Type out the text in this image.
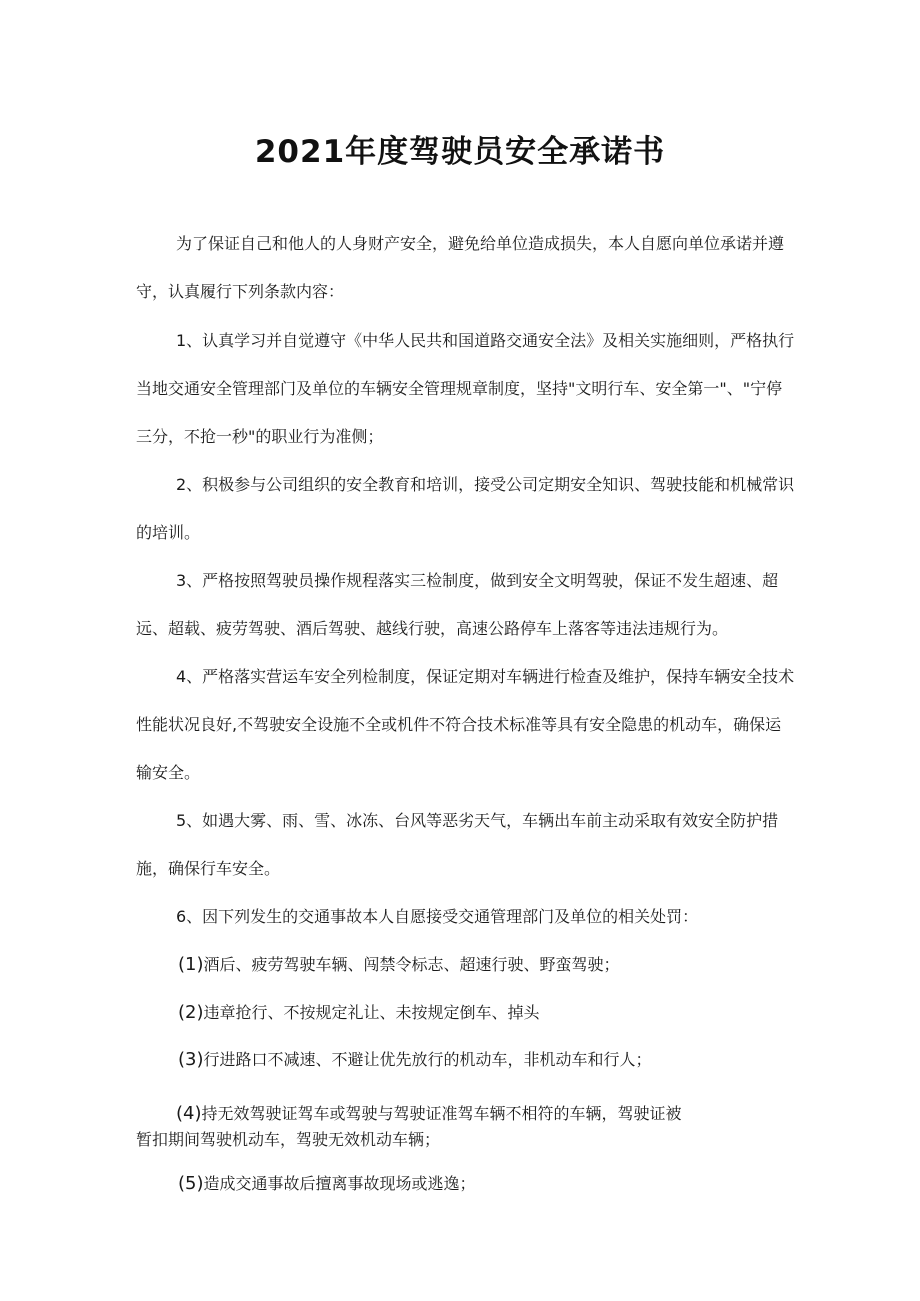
2021年度驾驶员安全承诺书

为了保证自己和他人的人身财产安全，避免给单位造成损失，本人自愿向单位承诺并遵守，认真履行下列条款内容：

1、认真学习并自觉遵守《中华人民共和国道路交通安全法》及相关实施细则，严格执行当地交通安全管理部门及单位的车辆安全管理规章制度，坚持"文明行车、安全第一"、"宁停三分，不抢一秒"的职业行为准侧；

2、积极参与公司组织的安全教育和培训，接受公司定期安全知识、驾驶技能和机械常识的培训。

3、严格按照驾驶员操作规程落实三检制度，做到安全文明驾驶，保证不发生超速、超远、超载、疲劳驾驶、酒后驾驶、越线行驶，高速公路停车上落客等违法违规行为。

4、严格落实营运车安全列检制度，保证定期对车辆进行检查及维护，保持车辆安全技术性能状况良好,不驾驶安全设施不全或机件不符合技术标准等具有安全隐患的机动车，确保运输安全。

5、如遇大雾、雨、雪、冰冻、台风等恶劣天气，车辆出车前主动采取有效安全防护措施，确保行车安全。

6、因下列发生的交通事故本人自愿接受交通管理部门及单位的相关处罚：

(1)酒后、疲劳驾驶车辆、闯禁令标志、超速行驶、野蛮驾驶；

(2)违章抢行、不按规定礼让、未按规定倒车、掉头

(3)行进路口不减速、不避让优先放行的机动车，非机动车和行人；

(4)持无效驾驶证驾车或驾驶与驾驶证准驾车辆不相符的车辆，驾驶证被
暂扣期间驾驶机动车，驾驶无效机动车辆；

(5)造成交通事故后擅离事故现场或逃逸；
